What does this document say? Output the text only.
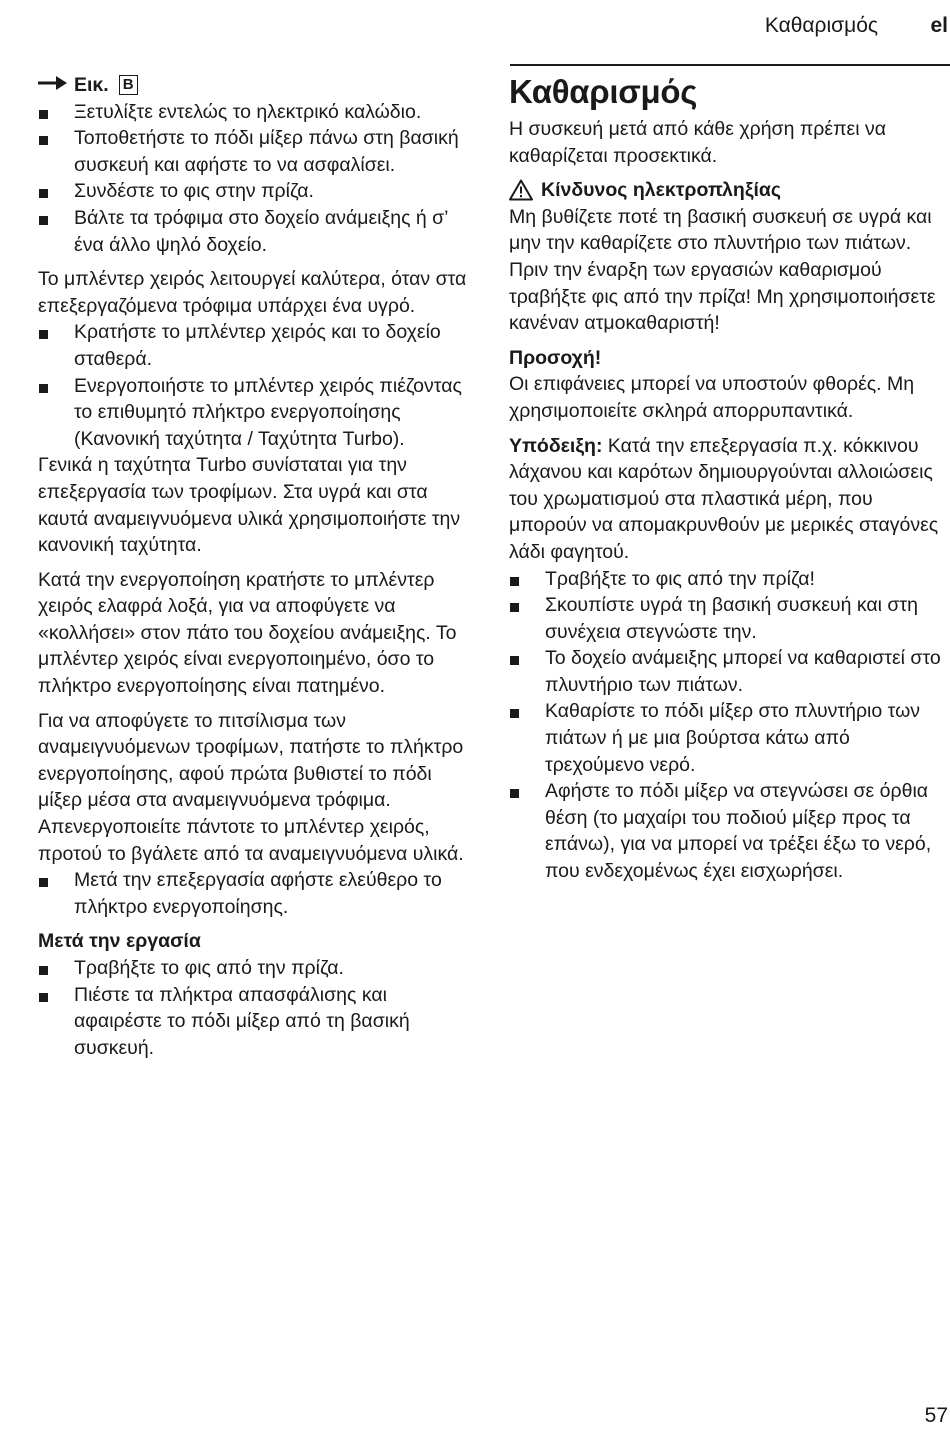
Καθαρισμός el
Εικ. B
Ξετυλίξτε εντελώς το ηλεκτρικό καλώδιο.
Τοποθετήστε το πόδι μίξερ πάνω στη βασική συσκευή και αφήστε το να ασφαλίσει.
Συνδέστε το φις στην πρίζα.
Βάλτε τα τρόφιμα στο δοχείο ανάμειξης ή σ’ ένα άλλο ψηλό δοχείο.

Το μπλέντερ χειρός λειτουργεί καλύτερα, όταν στα επεξεργαζόμενα τρόφιμα υπάρχει ένα υγρό.

Κρατήστε το μπλέντερ χειρός και το δοχείο σταθερά.
Ενεργοποιήστε το μπλέντερ χειρός πιέζοντας το επιθυμητό πλήκτρο ενεργοποίησης (Κανονική ταχύτητα / Ταχύτητα Turbo).

Γενικά η ταχύτητα Turbo συνίσταται για την επεξεργασία των τροφίμων. Στα υγρά και στα καυτά αναμειγνυόμενα υλικά χρησιμοποιήστε την κανονική ταχύτητα.

Κατά την ενεργοποίηση κρατήστε το μπλέντερ χειρός ελαφρά λοξά, για να αποφύγετε να «κολλήσει» στον πάτο του δοχείου ανάμειξης. Το μπλέντερ χειρός είναι ενεργοποιημένο, όσο το πλήκτρο ενεργοποίησης είναι πατημένο.

Για να αποφύγετε το πιτσίλισμα των αναμειγνυόμενων τροφίμων, πατήστε το πλήκτρο ενεργοποίησης, αφού πρώτα βυθιστεί το πόδι μίξερ μέσα στα αναμειγνυόμενα τρόφιμα.

Απενεργοποιείτε πάντοτε το μπλέντερ χειρός, προτού το βγάλετε από τα αναμειγνυόμενα υλικά.

Μετά την επεξεργασία αφήστε ελεύθερο το πλήκτρο ενεργοποίησης.

Μετά την εργασία

Τραβήξτε το φις από την πρίζα.
Πιέστε τα πλήκτρα απασφάλισης και αφαιρέστε το πόδι μίξερ από τη βασική συσκευή.
Καθαρισμός

Η συσκευή μετά από κάθε χρήση πρέπει να καθαρίζεται προσεκτικά.

Κίνδυνος ηλεκτροπληξίας

Μη βυθίζετε ποτέ τη βασική συσκευή σε υγρά και μην την καθαρίζετε στο πλυντήριο των πιάτων. Πριν την έναρξη των εργασιών καθαρισμού τραβήξτε φις από την πρίζα! Μη χρησιμοποιήσετε κανέναν ατμοκαθαριστή!

Προσοχή!

Οι επιφάνειες μπορεί να υποστούν φθορές. Μη χρησιμοποιείτε σκληρά απορρυπαντικά.

Υπόδειξη: Κατά την επεξεργασία π.χ. κόκκινου λάχανου και καρότων δημιουργούνται αλλοιώσεις του χρωματισμού στα πλαστικά μέρη, που μπορούν να απομακρυνθούν με μερικές σταγόνες λάδι φαγητού.

Τραβήξτε το φις από την πρίζα!
Σκουπίστε υγρά τη βασική συσκευή και στη συνέχεια στεγνώστε την.
Το δοχείο ανάμειξης μπορεί να καθαριστεί στο πλυντήριο των πιάτων.
Καθαρίστε το πόδι μίξερ στο πλυντήριο των πιάτων ή με μια βούρτσα κάτω από τρεχούμενο νερό.
Αφήστε το πόδι μίξερ να στεγνώσει σε όρθια θέση (το μαχαίρι του ποδιού μίξερ προς τα επάνω), για να μπορεί να τρέξει έξω το νερό, που ενδεχομένως έχει εισχωρήσει.
57
